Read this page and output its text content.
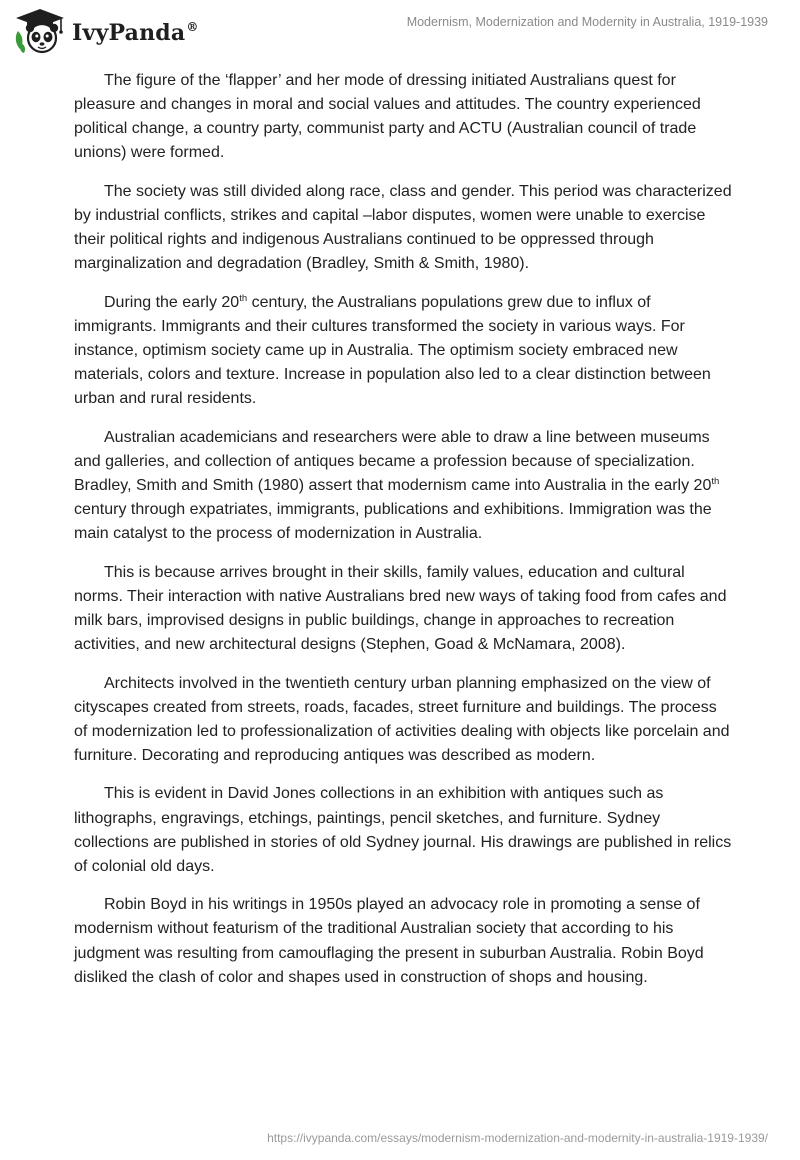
IvyPanda®	Modernism, Modernization and Modernity in Australia, 1919-1939

The figure of the ‘flapper’ and her mode of dressing initiated Australians quest for pleasure and changes in moral and social values and attitudes. The country experienced political change, a country party, communist party and ACTU (Australian council of trade unions) were formed.

The society was still divided along race, class and gender. This period was characterized by industrial conflicts, strikes and capital –labor disputes, women were unable to exercise their political rights and indigenous Australians continued to be oppressed through marginalization and degradation (Bradley, Smith & Smith, 1980).

During the early 20th century, the Australians populations grew due to influx of immigrants. Immigrants and their cultures transformed the society in various ways. For instance, optimism society came up in Australia. The optimism society embraced new materials, colors and texture. Increase in population also led to a clear distinction between urban and rural residents.

Australian academicians and researchers were able to draw a line between museums and galleries, and collection of antiques became a profession because of specialization. Bradley, Smith and Smith (1980) assert that modernism came into Australia in the early 20th century through expatriates, immigrants, publications and exhibitions. Immigration was the main catalyst to the process of modernization in Australia.

This is because arrives brought in their skills, family values, education and cultural norms. Their interaction with native Australians bred new ways of taking food from cafes and milk bars, improvised designs in public buildings, change in approaches to recreation activities, and new architectural designs (Stephen, Goad & McNamara, 2008).

Architects involved in the twentieth century urban planning emphasized on the view of cityscapes created from streets, roads, facades, street furniture and buildings. The process of modernization led to professionalization of activities dealing with objects like porcelain and furniture. Decorating and reproducing antiques was described as modern.

This is evident in David Jones collections in an exhibition with antiques such as lithographs, engravings, etchings, paintings, pencil sketches, and furniture. Sydney collections are published in stories of old Sydney journal. His drawings are published in relics of colonial old days.

Robin Boyd in his writings in 1950s played an advocacy role in promoting a sense of modernism without featurism of the traditional Australian society that according to his judgment was resulting from camouflaging the present in suburban Australia. Robin Boyd disliked the clash of color and shapes used in construction of shops and housing.

https://ivypanda.com/essays/modernism-modernization-and-modernity-in-australia-1919-1939/
